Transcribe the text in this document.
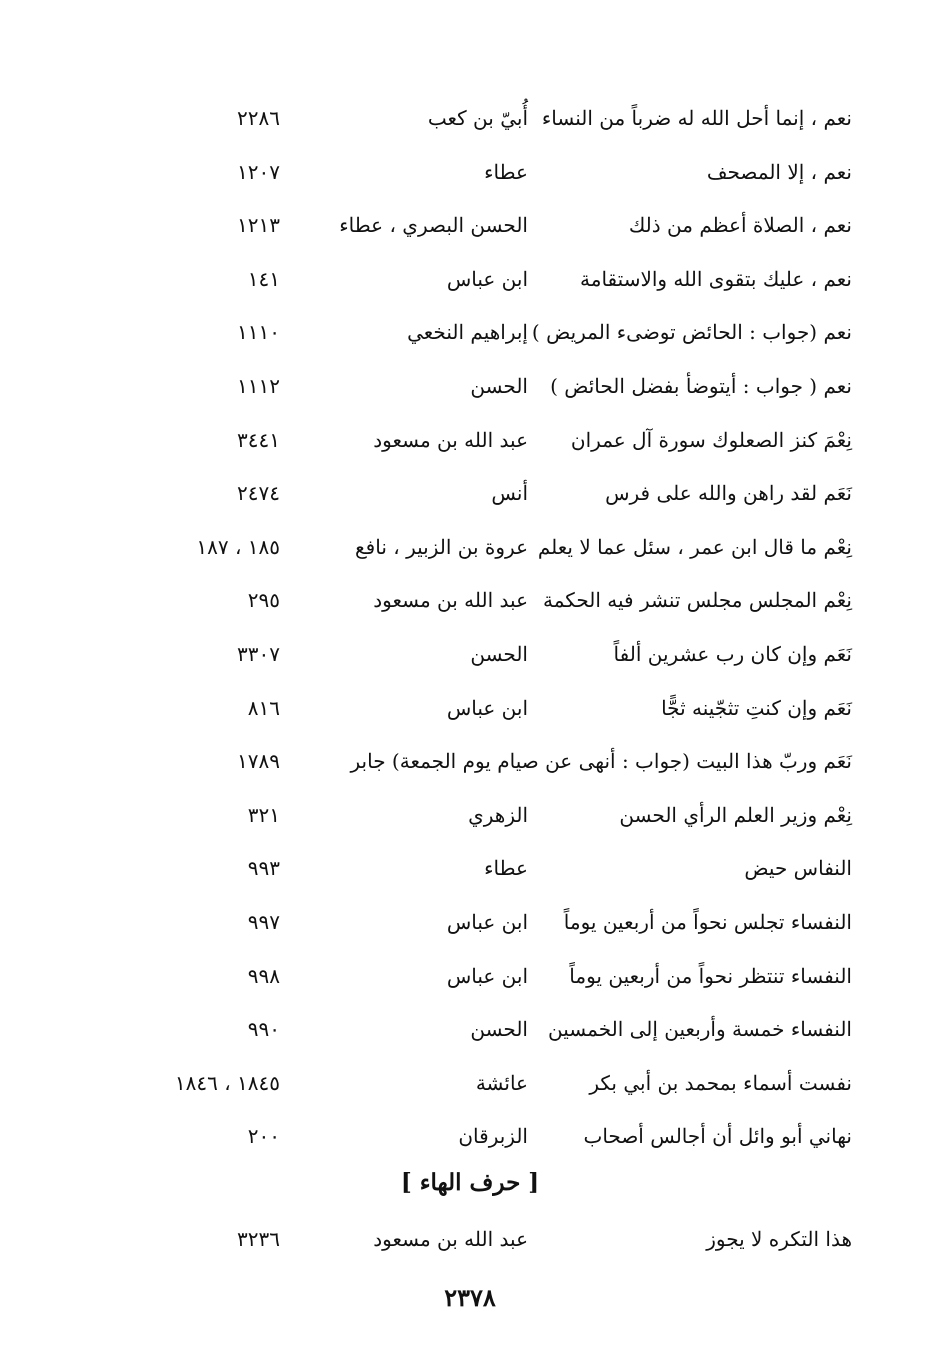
نعم ، إنما أحل الله له ضرباً من النساء
أُبيّ بن كعب
٢٢٨٦
نعم ، إلا المصحف
عطاء
١٢٠٧
نعم ، الصلاة أعظم من ذلك
الحسن البصري ، عطاء
١٢١٣
نعم ، عليك بتقوى الله والاستقامة
ابن عباس
١٤١
نعم (جواب : الحائض توضىء المريض )
إبراهيم النخعي
١١١٠
نعم ( جواب : أيتوضأ بفضل الحائض )
الحسن
١١١٢
نِعْمَ كنز الصعلوك سورة آل عمران
عبد الله بن مسعود
٣٤٤١
نَعَم لقد راهن والله على فرس
أنس
٢٤٧٤
نِعْم ما قال ابن عمر ، سئل عما لا يعلم
عروة بن الزبير ، نافع
١٨٥ ، ١٨٧
نِعْم المجلس مجلس تنشر فيه الحكمة
عبد الله بن مسعود
٢٩٥
نَعَم وإن كان رب عشرين ألفاً
الحسن
٣٣٠٧
نَعَم وإن كنتِ تثجّينه ثجًّا
ابن عباس
٨١٦
نَعَم وربّ هذا البيت (جواب : أنهى عن صيام يوم الجمعة) جابر
١٧٨٩
نِعْم وزير العلم الرأي الحسن
الزهري
٣٢١
النفاس حيض
عطاء
٩٩٣
النفساء تجلس نحواً من أربعين يوماً
ابن عباس
٩٩٧
النفساء تنتظر نحواً من أربعين يوماً
ابن عباس
٩٩٨
النفساء خمسة وأربعين إلى الخمسين
الحسن
٩٩٠
نفست أسماء بمحمد بن أبي بكر
عائشة
١٨٤٥ ، ١٨٤٦
نهاني أبو وائل أن أجالس أصحاب
الزبرقان
٢٠٠
[ حرف الهاء ]
هذا التكره لا يجوز
عبد الله بن مسعود
٣٢٣٦
٢٣٧٨
